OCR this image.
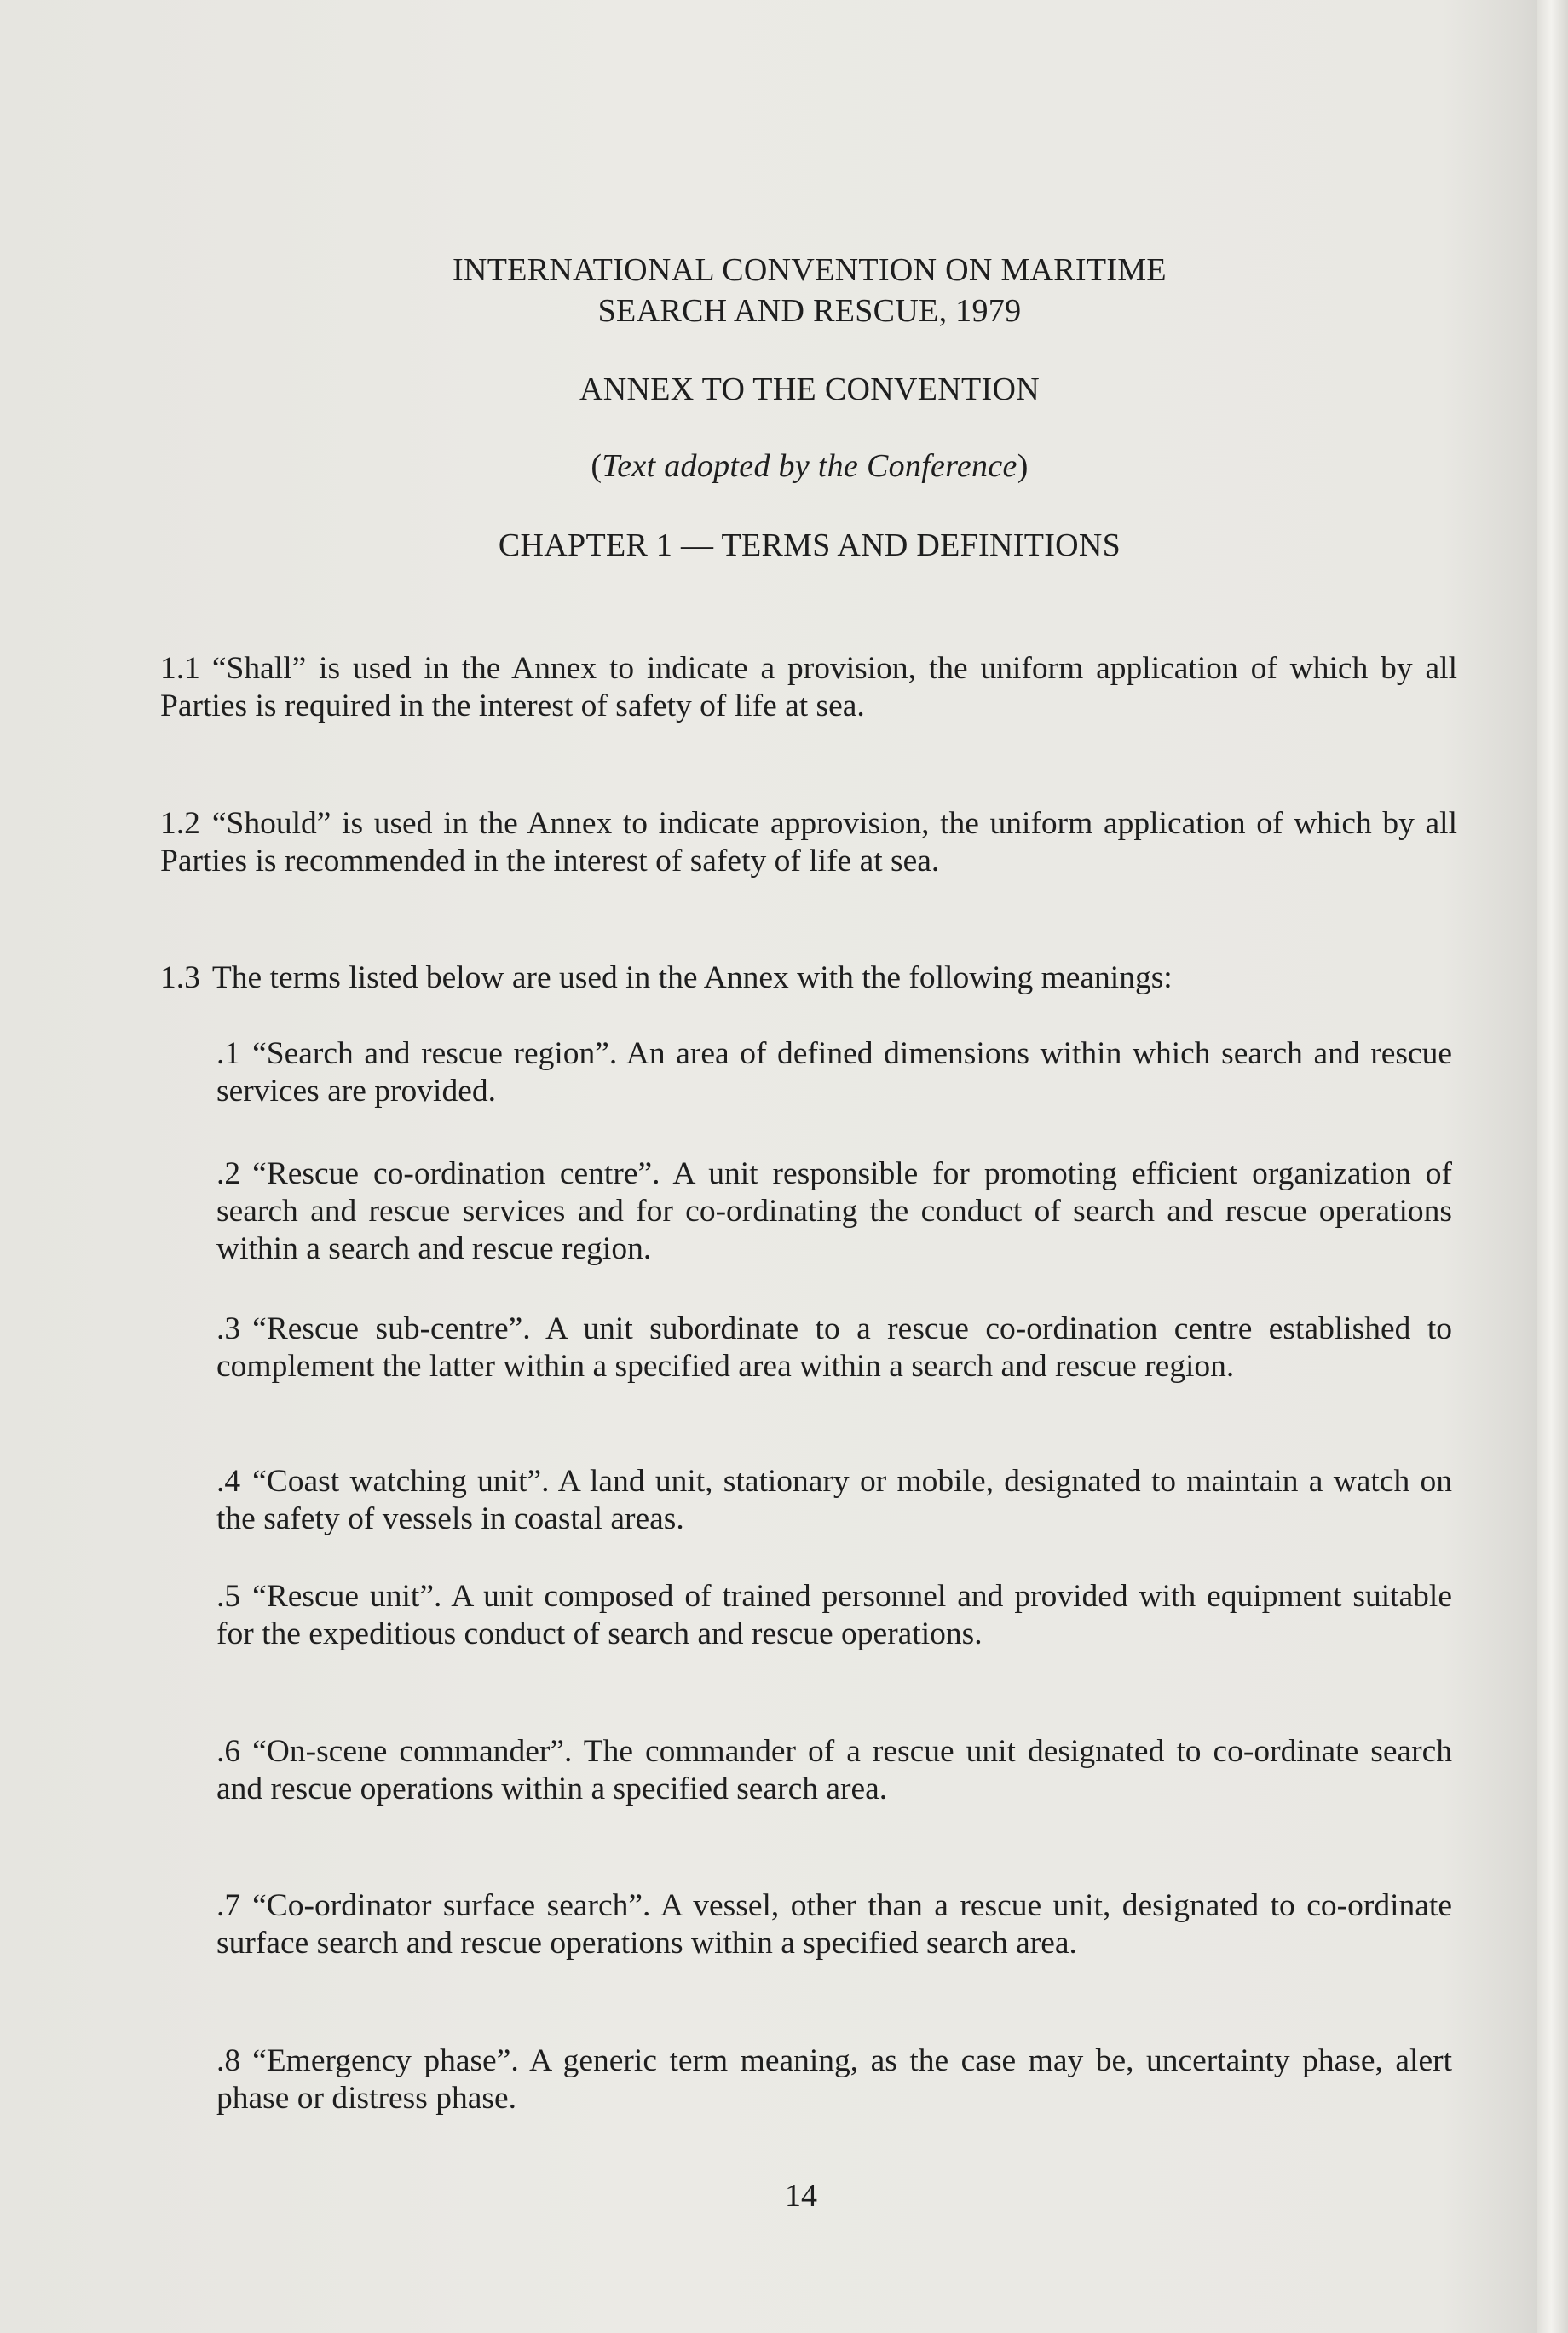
INTERNATIONAL CONVENTION ON MARITIME
SEARCH AND RESCUE, 1979
ANNEX TO THE CONVENTION
(Text adopted by the Conference)
CHAPTER 1 — TERMS AND DEFINITIONS

1.1 “Shall” is used in the Annex to indicate a provision, the uniform application of which by all Parties is required in the interest of safety of life at sea.

1.2 “Should” is used in the Annex to indicate approvision, the uniform application of which by all Parties is recommended in the interest of safety of life at sea.

1.3 The terms listed below are used in the Annex with the following meanings:

.1 “Search and rescue region”. An area of defined dimensions within which search and rescue services are provided.

.2 “Rescue co-ordination centre”. A unit responsible for promoting efficient organization of search and rescue services and for co-ordinating the conduct of search and rescue operations within a search and rescue region.

.3 “Rescue sub-centre”. A unit subordinate to a rescue co-ordination centre established to complement the latter within a specified area within a search and rescue region.

.4 “Coast watching unit”. A land unit, stationary or mobile, designated to maintain a watch on the safety of vessels in coastal areas.

.5 “Rescue unit”. A unit composed of trained personnel and provided with equipment suitable for the expeditious conduct of search and rescue operations.

.6 “On-scene commander”. The commander of a rescue unit designated to co-ordinate search and rescue operations within a specified search area.

.7 “Co-ordinator surface search”. A vessel, other than a rescue unit, designated to co-ordinate surface search and rescue operations within a specified search area.

.8 “Emergency phase”. A generic term meaning, as the case may be, uncertainty phase, alert phase or distress phase.

14
